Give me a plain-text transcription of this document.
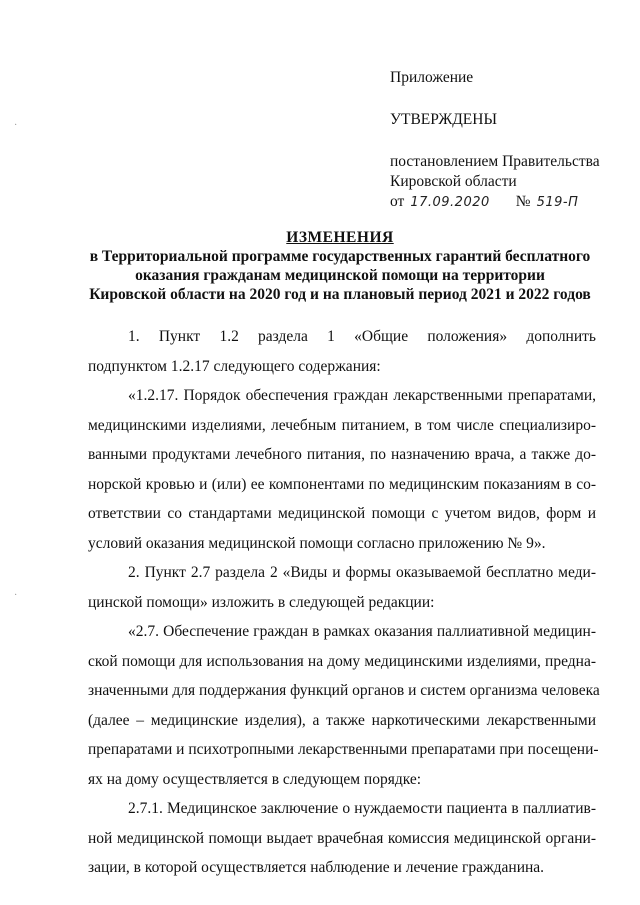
Приложение
УТВЕРЖДЕНЫ
постановлением Правительства
Кировской области
от 17.09.2020 № 519-П
ИЗМЕНЕНИЯ
в Территориальной программе государственных гарантий бесплатного
оказания гражданам медицинской помощи на территории
Кировской области на 2020 год и на плановый период 2021 и 2022 годов
1. Пункт 1.2 раздела 1 «Общие положения» дополнить
подпунктом 1.2.17 следующего содержания:
«1.2.17. Порядок обеспечения граждан лекарственными препаратами,
медицинскими изделиями, лечебным питанием, в том числе специализиро-
ванными продуктами лечебного питания, по назначению врача, а также до-
норской кровью и (или) ее компонентами по медицинским показаниям в со-
ответствии со стандартами медицинской помощи с учетом видов, форм и
условий оказания медицинской помощи согласно приложению № 9».
2. Пункт 2.7 раздела 2 «Виды и формы оказываемой бесплатно меди-
цинской помощи» изложить в следующей редакции:
«2.7. Обеспечение граждан в рамках оказания паллиативной медицин-
ской помощи для использования на дому медицинскими изделиями, предна-
значенными для поддержания функций органов и систем организма человека
(далее – медицинские изделия), а также наркотическими лекарственными
препаратами и психотропными лекарственными препаратами при посещени-
ях на дому осуществляется в следующем порядке:
2.7.1. Медицинское заключение о нуждаемости пациента в паллиатив-
ной медицинской помощи выдает врачебная комиссия медицинской органи-
зации, в которой осуществляется наблюдение и лечение гражданина.
·
·
